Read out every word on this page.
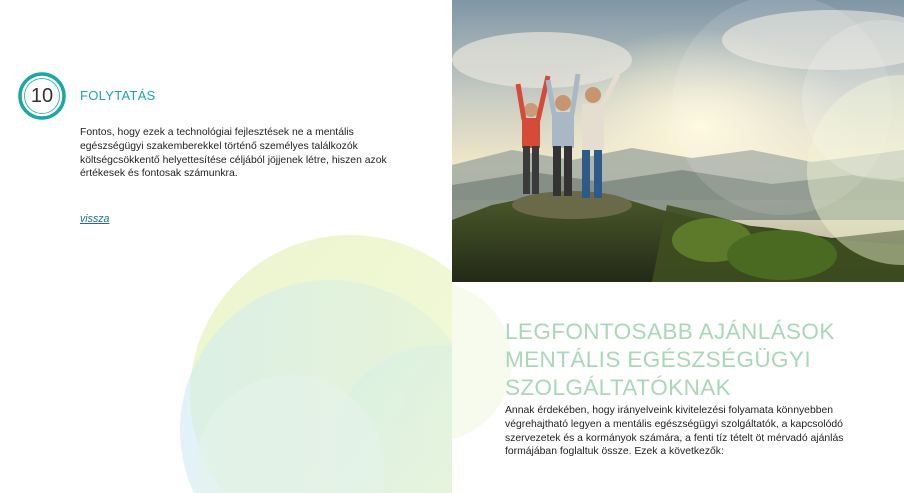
10	FOLYTATÁS
Fontos, hogy ezek a technológiai fejlesztések ne a mentális egészségügyi szakemberekkel történő személyes találkozók költségcsökkentő helyettesítése céljából jöjjenek létre, hiszen azok értékesek és fontosak számunkra.
vissza
LEGFONTOSABB AJÁNLÁSOK
MENTÁLIS EGÉSZSÉGÜGYI
SZOLGÁLTATÓKNAK
Annak érdekében, hogy irányelveink kivitelezési folyamata könnyebben végrehajtható legyen a mentális egészségügyi szolgáltatók, a kapcsolódó szervezetek és a kormányok számára, a fenti tíz tételt öt mérvadó ajánlás formájában foglaltuk össze. Ezek a következők:
